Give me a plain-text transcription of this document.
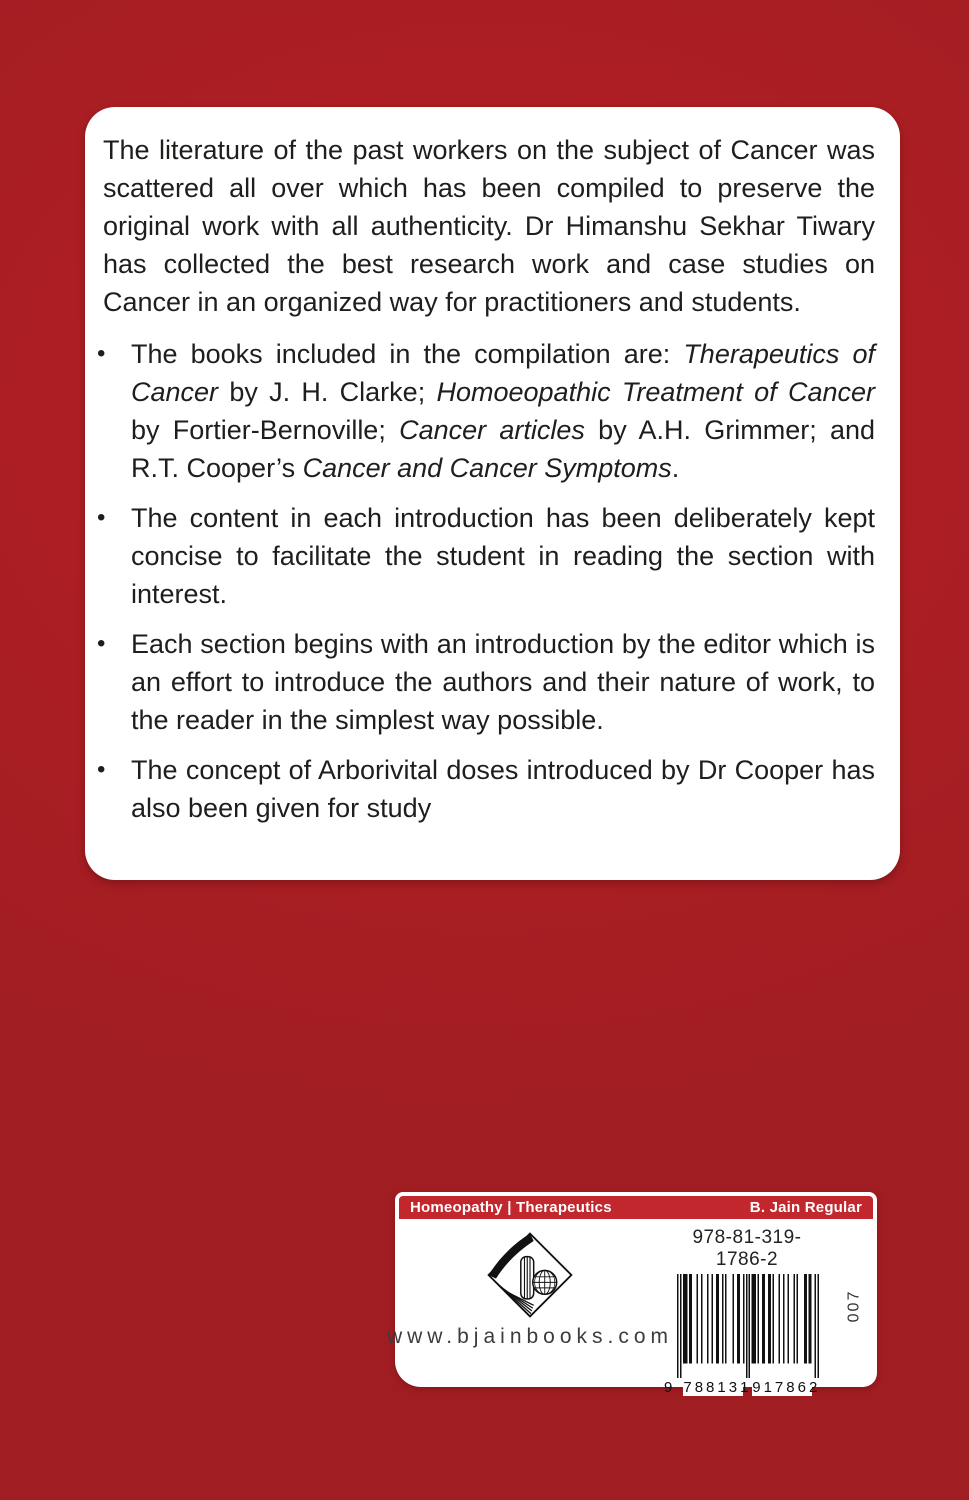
The literature of the past workers on the subject of Cancer was scattered all over which has been compiled to preserve the original work with all authenticity. Dr Himanshu Sekhar Tiwary has collected the best research work and case studies on Cancer in an organized way for practitioners and students.

• The books included in the compilation are: Therapeutics of Cancer by J. H. Clarke; Homoeopathic Treatment of Cancer by Fortier-Bernoville; Cancer articles by A.H. Grimmer; and R.T. Cooper’s Cancer and Cancer Symptoms.
• The content in each introduction has been deliberately kept concise to facilitate the student in reading the section with interest.
• Each section begins with an introduction by the editor which is an effort to introduce the authors and their nature of work, to the reader in the simplest way possible.
• The concept of Arborivital doses introduced by Dr Cooper has also been given for study
Homeopathy | Therapeutics	B. Jain Regular
www.bjainbooks.com
978-81-319-1786-2
9 788131 917862
007
